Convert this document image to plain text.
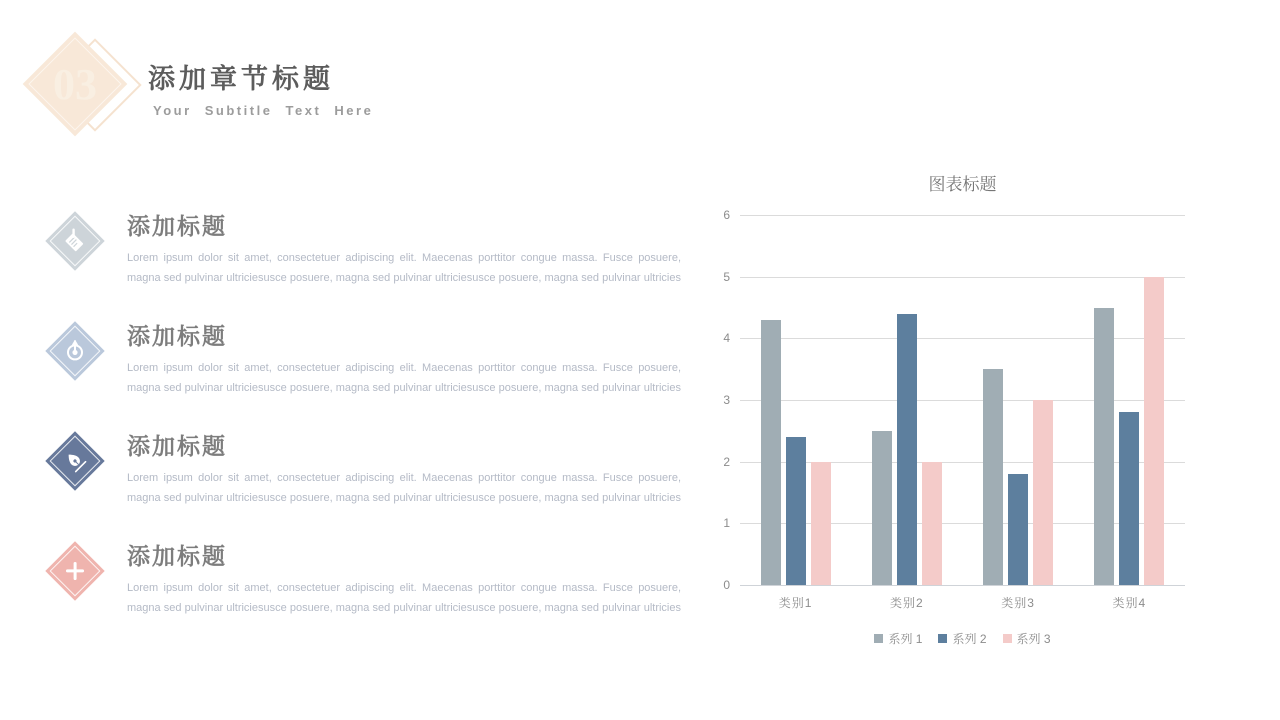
03	添加章节标题
Your Subtitle Text Here
添加标题
Lorem ipsum dolor sit amet, consectetuer adipiscing elit. Maecenas porttitor congue massa. Fusce posuere, magna sed pulvinar ultriciesusce posuere, magna sed pulvinar ultriciesusce posuere, magna sed pulvinar ultricies
添加标题
Lorem ipsum dolor sit amet, consectetuer adipiscing elit. Maecenas porttitor congue massa. Fusce posuere, magna sed pulvinar ultriciesusce posuere, magna sed pulvinar ultriciesusce posuere, magna sed pulvinar ultricies
添加标题
Lorem ipsum dolor sit amet, consectetuer adipiscing elit. Maecenas porttitor congue massa. Fusce posuere, magna sed pulvinar ultriciesusce posuere, magna sed pulvinar ultriciesusce posuere, magna sed pulvinar ultricies
添加标题
Lorem ipsum dolor sit amet, consectetuer adipiscing elit. Maecenas porttitor congue massa. Fusce posuere, magna sed pulvinar ultriciesusce posuere, magna sed pulvinar ultriciesusce posuere, magna sed pulvinar ultricies
图表标题
0
1
2
3
4
5
6
类别1	类别2	类别3	类别4
系列 1	系列 2	系列 3
